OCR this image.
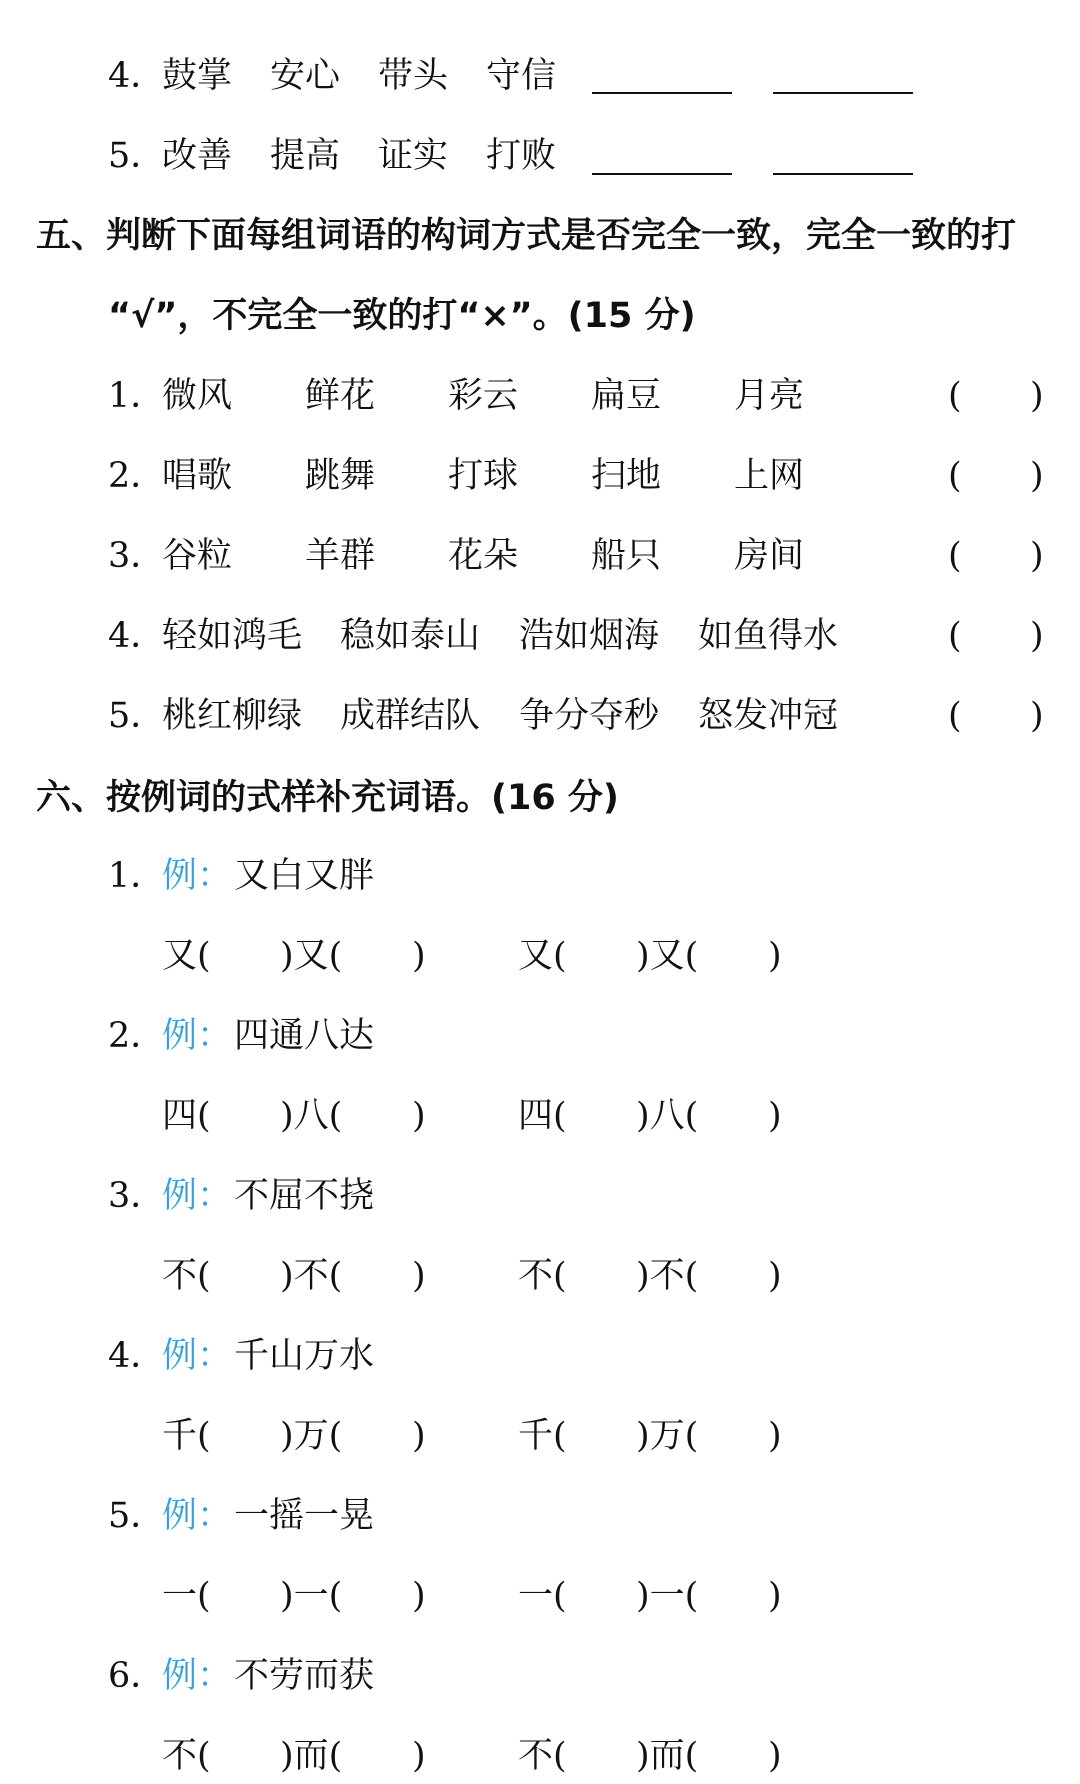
4．
鼓掌 安心 带头 守信
5．
改善 提高 证实 打败
五、判断下面每组词语的构词方式是否完全一致，完全一致的打
“√”，不完全一致的打“×”。(15 分)
1．
微风 鲜花 彩云 扁豆 月亮	( )
2．
唱歌 跳舞 打球 扫地 上网	( )
3．
谷粒 羊群 花朵 船只 房间	( )
4．
轻如鸿毛 稳如泰山 浩如烟海 如鱼得水	( )
5．
桃红柳绿 成群结队 争分夺秒 怒发冲冠	( )
六、按例词的式样补充词语。(16 分)
1．
例： 又白又胖
又( )又( )	又( )又( )
2．
例： 四通八达
四( )八( )	四( )八( )
3．
例： 不屈不挠
不( )不( )	不( )不( )
4．
例： 千山万水
千( )万( )	千( )万( )
5．
例： 一摇一晃
一( )一( )	一( )一( )
6．
例： 不劳而获
不( )而( )	不( )而( )
